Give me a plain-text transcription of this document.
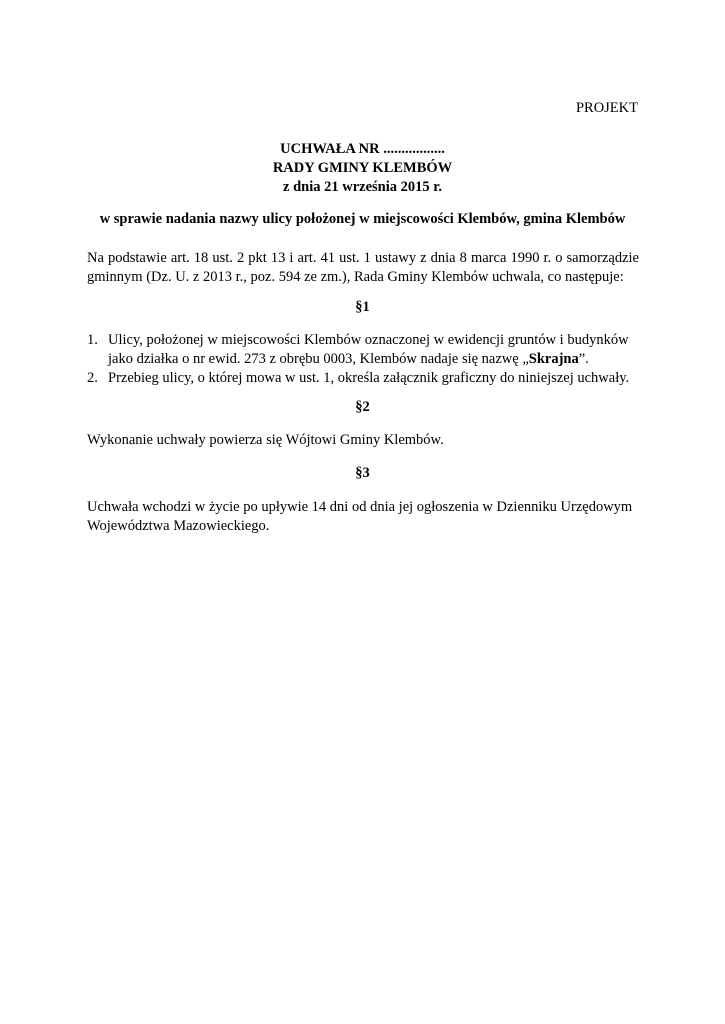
PROJEKT
UCHWAŁA NR .................
RADY GMINY KLEMBÓW
z dnia 21 września 2015 r.
w sprawie nadania nazwy ulicy położonej w miejscowości Klembów, gmina Klembów
Na podstawie art. 18 ust. 2 pkt 13 i art. 41 ust. 1 ustawy z dnia 8 marca 1990 r. o samorządzie gminnym (Dz. U. z 2013 r., poz. 594 ze zm.), Rada Gminy Klembów uchwala, co następuje:
§1
1. Ulicy, położonej w miejscowości Klembów oznaczonej w ewidencji gruntów i budynków jako działka o nr ewid. 273 z obrębu 0003, Klembów nadaje się nazwę „Skrajna”.
2. Przebieg ulicy, o której mowa w ust. 1, określa załącznik graficzny do niniejszej uchwały.
§2
Wykonanie uchwały powierza się Wójtowi Gminy Klembów.
§3
Uchwała wchodzi w życie po upływie 14 dni od dnia jej ogłoszenia w Dzienniku Urzędowym Województwa Mazowieckiego.
